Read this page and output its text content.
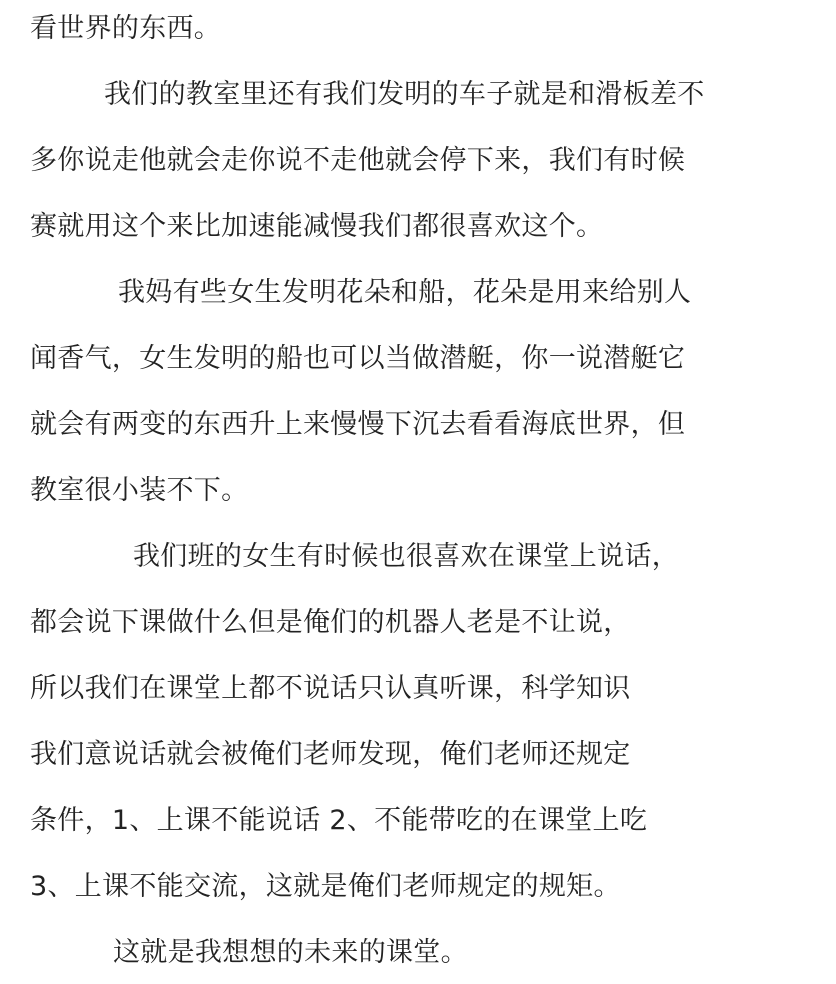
看世界的东西。
我们的教室里还有我们发明的车子就是和滑板差不
多你说走他就会走你说不走他就会停下来，我们有时候
赛就用这个来比加速能减慢我们都很喜欢这个。
我妈有些女生发明花朵和船，花朵是用来给别人
闻香气，女生发明的船也可以当做潜艇，你一说潜艇它
就会有两变的东西升上来慢慢下沉去看看海底世界，但
教室很小装不下。
我们班的女生有时候也很喜欢在课堂上说话，
都会说下课做什么但是俺们的机器人老是不让说，
所以我们在课堂上都不说话只认真听课，科学知识
我们意说话就会被俺们老师发现，俺们老师还规定
条件，1、上课不能说话 2、不能带吃的在课堂上吃
3、上课不能交流，这就是俺们老师规定的规矩。
这就是我想想的未来的课堂。
